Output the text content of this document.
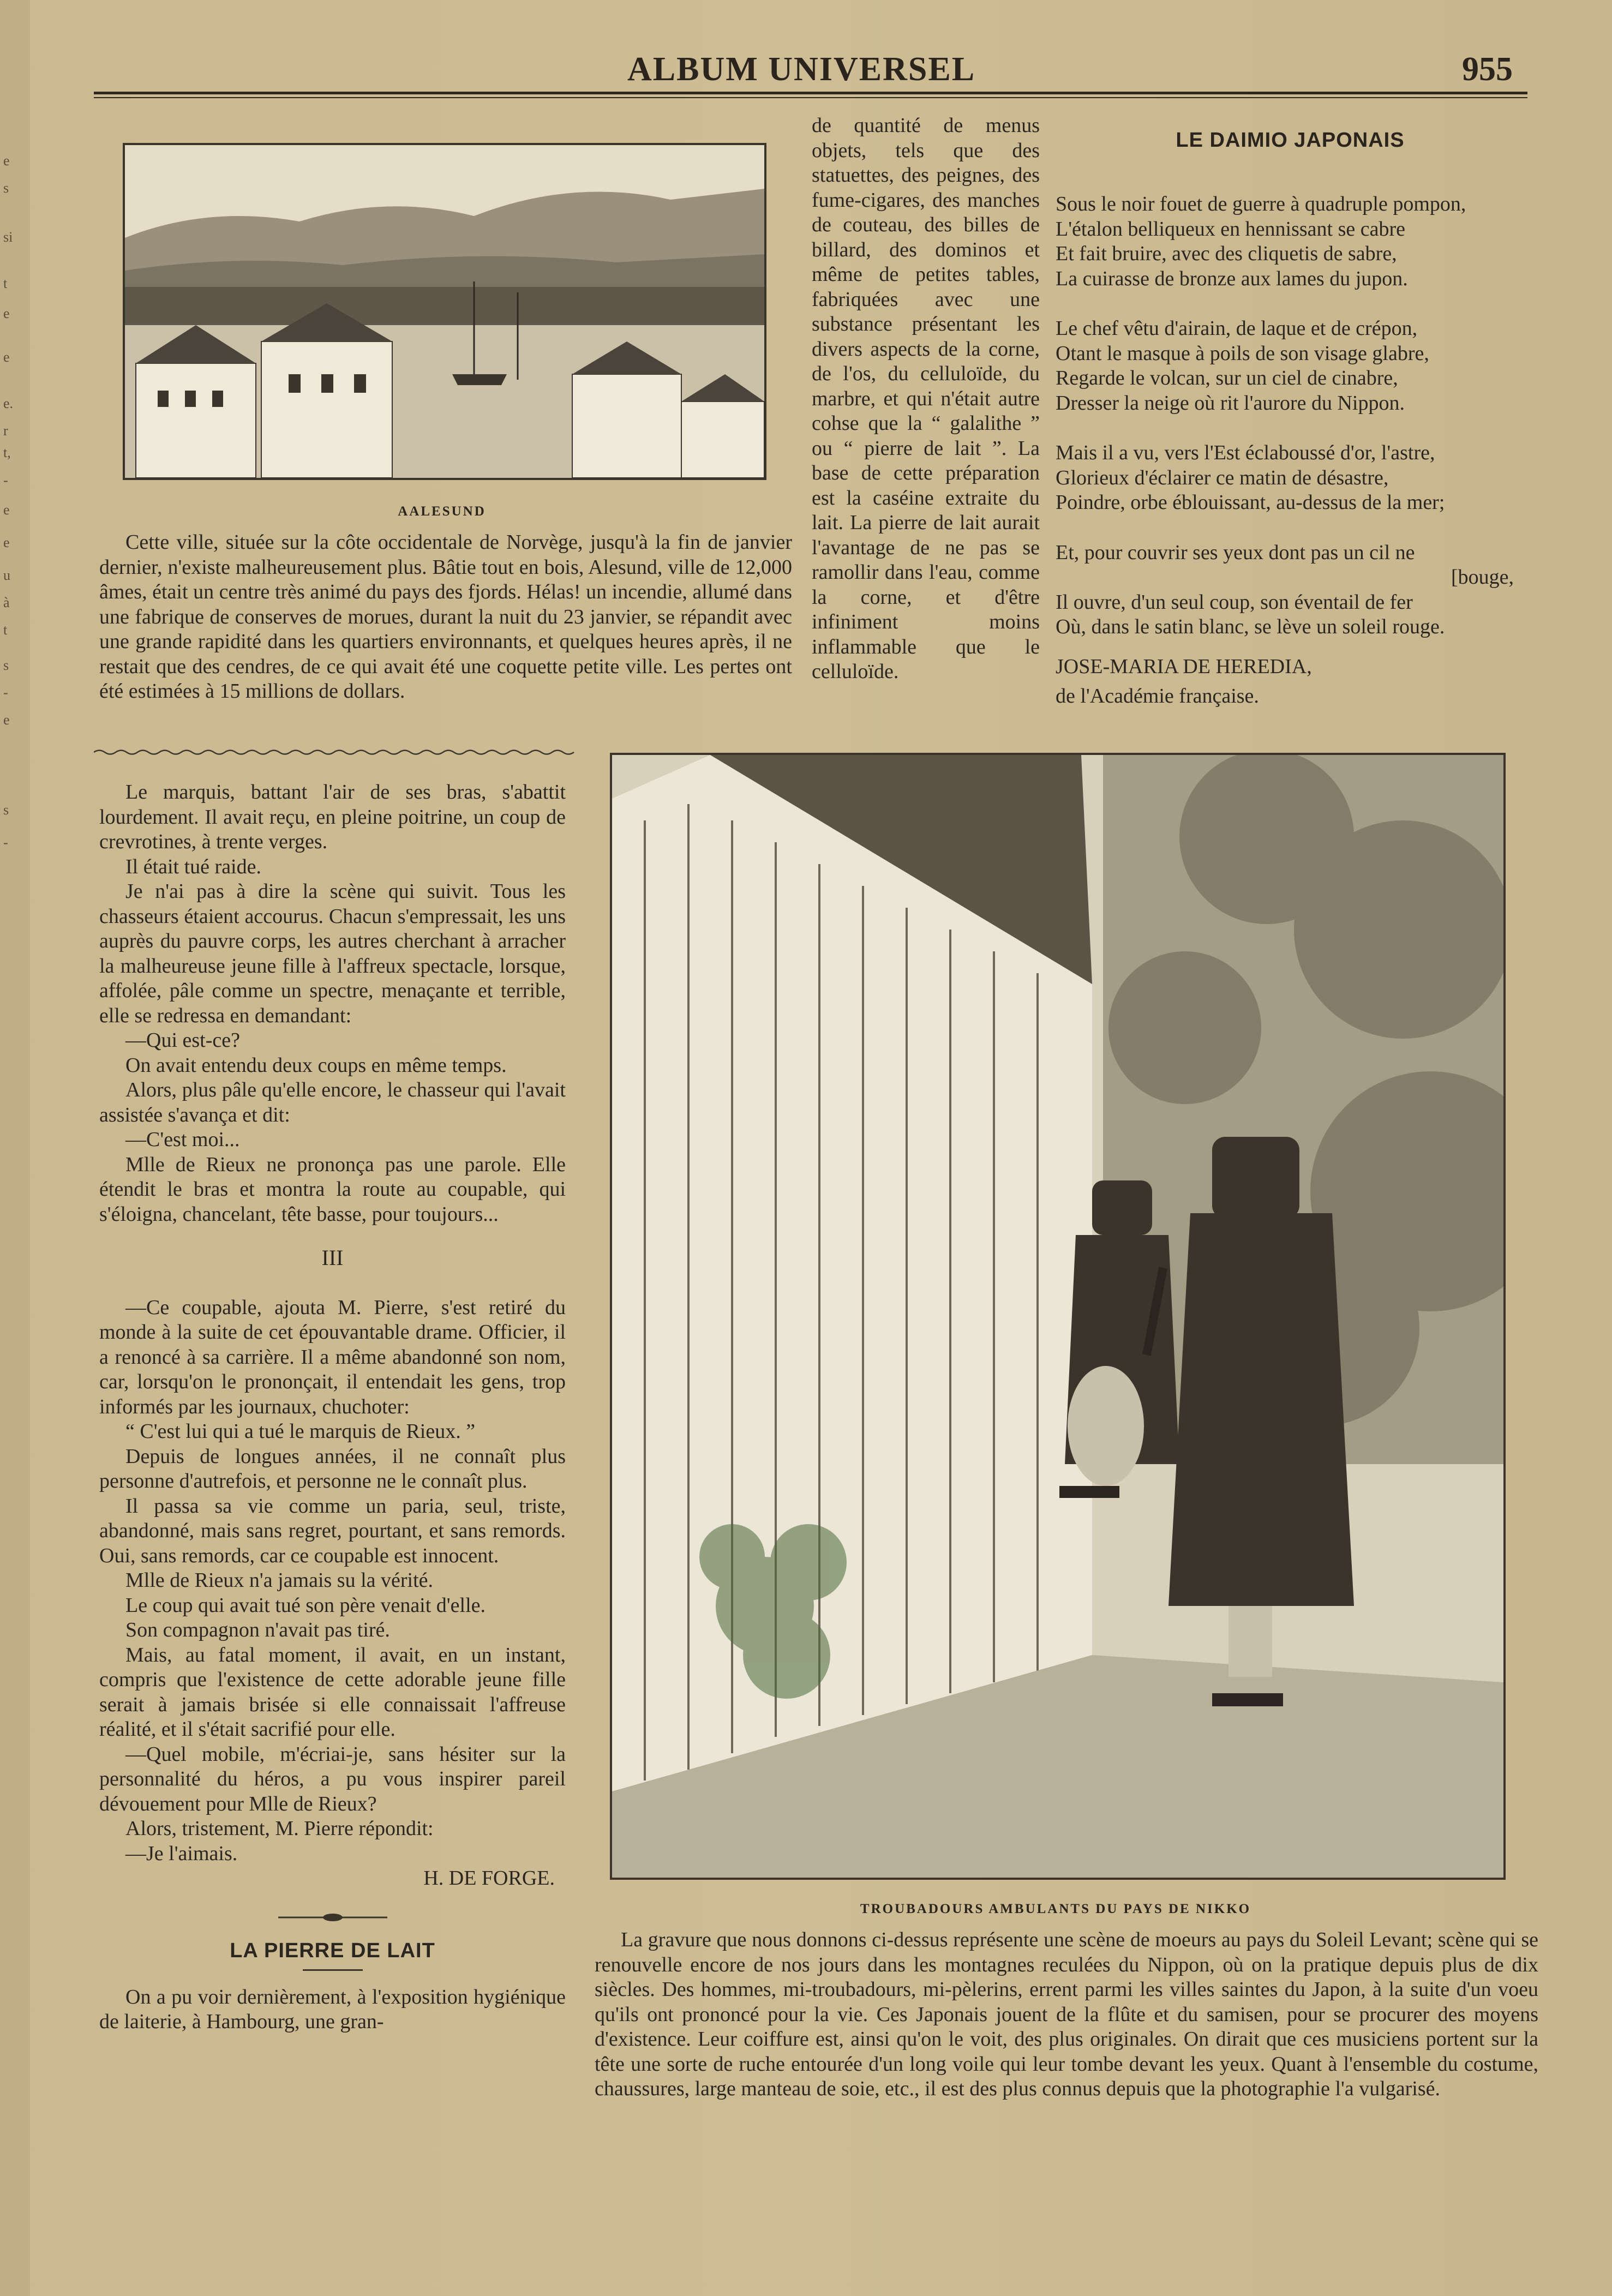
e
s
si
t
e
e
e.
r
t,
-
e
e
u
à
t
s
-
e
s
-
ALBUM UNIVERSEL	955
AALESUND

Cette ville, située sur la côte occidentale de Norvège, jusqu'à la fin de janvier dernier, n'existe malheureusement plus. Bâtie tout en bois, Alesund, ville de 12,000 âmes, était un centre très animé du pays des fjords. Hélas! un incendie, allumé dans une fabrique de conserves de morues, durant la nuit du 23 janvier, se répandit avec une grande rapidité dans les quartiers environnants, et quelques heures après, il ne restait que des cendres, de ce qui avait été une coquette petite ville. Les pertes ont été estimées à 15 millions de dollars.

de quantité de menus objets, tels que des statuettes, des peignes, des fume-cigares, des manches de couteau, des billes de billard, des dominos et même de petites tables, fabriquées avec une substance présentant les divers aspects de la corne, de l'os, du celluloïde, du marbre, et qui n'était autre cohse que la “ galalithe ” ou “ pierre de lait ”. La base de cette préparation est la caséine extraite du lait. La pierre de lait aurait l'avantage de ne pas se ramollir dans l'eau, comme la corne, et d'être infiniment moins inflammable que le celluloïde.

LE DAIMIO JAPONAIS

Sous le noir fouet de guerre à quadruple pompon,

L'étalon belliqueux en hennissant se cabre

Et fait bruire, avec des cliquetis de sabre,

La cuirasse de bronze aux lames du jupon.

Le chef vêtu d'airain, de laque et de crépon,

Otant le masque à poils de son visage glabre,

Regarde le volcan, sur un ciel de cinabre,

Dresser la neige où rit l'aurore du Nippon.

Mais il a vu, vers l'Est éclaboussé d'or, l'astre,

Glorieux d'éclairer ce matin de désastre,

Poindre, orbe éblouissant, au-dessus de la mer;

Et, pour couvrir ses yeux dont pas un cil ne

[bouge,

Il ouvre, d'un seul coup, son éventail de fer

Où, dans le satin blanc, se lève un soleil rouge.

JOSE-MARIA DE HEREDIA,

de l'Académie française.

Le marquis, battant l'air de ses bras, s'abattit lourdement. Il avait reçu, en pleine poitrine, un coup de crevrotines, à trente verges.

Il était tué raide.

Je n'ai pas à dire la scène qui suivit. Tous les chasseurs étaient accourus. Chacun s'empressait, les uns auprès du pauvre corps, les autres cherchant à arracher la malheureuse jeune fille à l'affreux spectacle, lorsque, affolée, pâle comme un spectre, menaçante et terrible, elle se redressa en demandant:

—Qui est-ce?

On avait entendu deux coups en même temps.

Alors, plus pâle qu'elle encore, le chasseur qui l'avait assistée s'avança et dit:

—C'est moi...

Mlle de Rieux ne prononça pas une parole. Elle étendit le bras et montra la route au coupable, qui s'éloigna, chancelant, tête basse, pour toujours...

III

—Ce coupable, ajouta M. Pierre, s'est retiré du monde à la suite de cet épouvantable drame. Officier, il a renoncé à sa carrière. Il a même abandonné son nom, car, lorsqu'on le prononçait, il entendait les gens, trop informés par les journaux, chuchoter:

“ C'est lui qui a tué le marquis de Rieux. ”

Depuis de longues années, il ne connaît plus personne d'autrefois, et personne ne le connaît plus.

Il passa sa vie comme un paria, seul, triste, abandonné, mais sans regret, pourtant, et sans remords. Oui, sans remords, car ce coupable est innocent.

Mlle de Rieux n'a jamais su la vérité.

Le coup qui avait tué son père venait d'elle.

Son compagnon n'avait pas tiré.

Mais, au fatal moment, il avait, en un instant, compris que l'existence de cette adorable jeune fille serait à jamais brisée si elle connaissait l'affreuse réalité, et il s'était sacrifié pour elle.

—Quel mobile, m'écriai-je, sans hésiter sur la personnalité du héros, a pu vous inspirer pareil dévouement pour Mlle de Rieux?

Alors, tristement, M. Pierre répondit:

—Je l'aimais.

H. DE FORGE.

LA PIERRE DE LAIT

On a pu voir dernièrement, à l'exposition hygiénique de laiterie, à Hambourg, une gran-

TROUBADOURS AMBULANTS DU PAYS DE NIKKO

La gravure que nous donnons ci-dessus représente une scène de moeurs au pays du Soleil Levant; scène qui se renouvelle encore de nos jours dans les montagnes reculées du Nippon, où on la pratique depuis plus de dix siècles. Des hommes, mi-troubadours, mi-pèlerins, errent parmi les villes saintes du Japon, à la suite d'un voeu qu'ils ont prononcé pour la vie. Ces Japonais jouent de la flûte et du samisen, pour se procurer des moyens d'existence. Leur coiffure est, ainsi qu'on le voit, des plus originales. On dirait que ces musiciens portent sur la tête une sorte de ruche entourée d'un long voile qui leur tombe devant les yeux. Quant à l'ensemble du costume, chaussures, large manteau de soie, etc., il est des plus connus depuis que la photographie l'a vulgarisé.
